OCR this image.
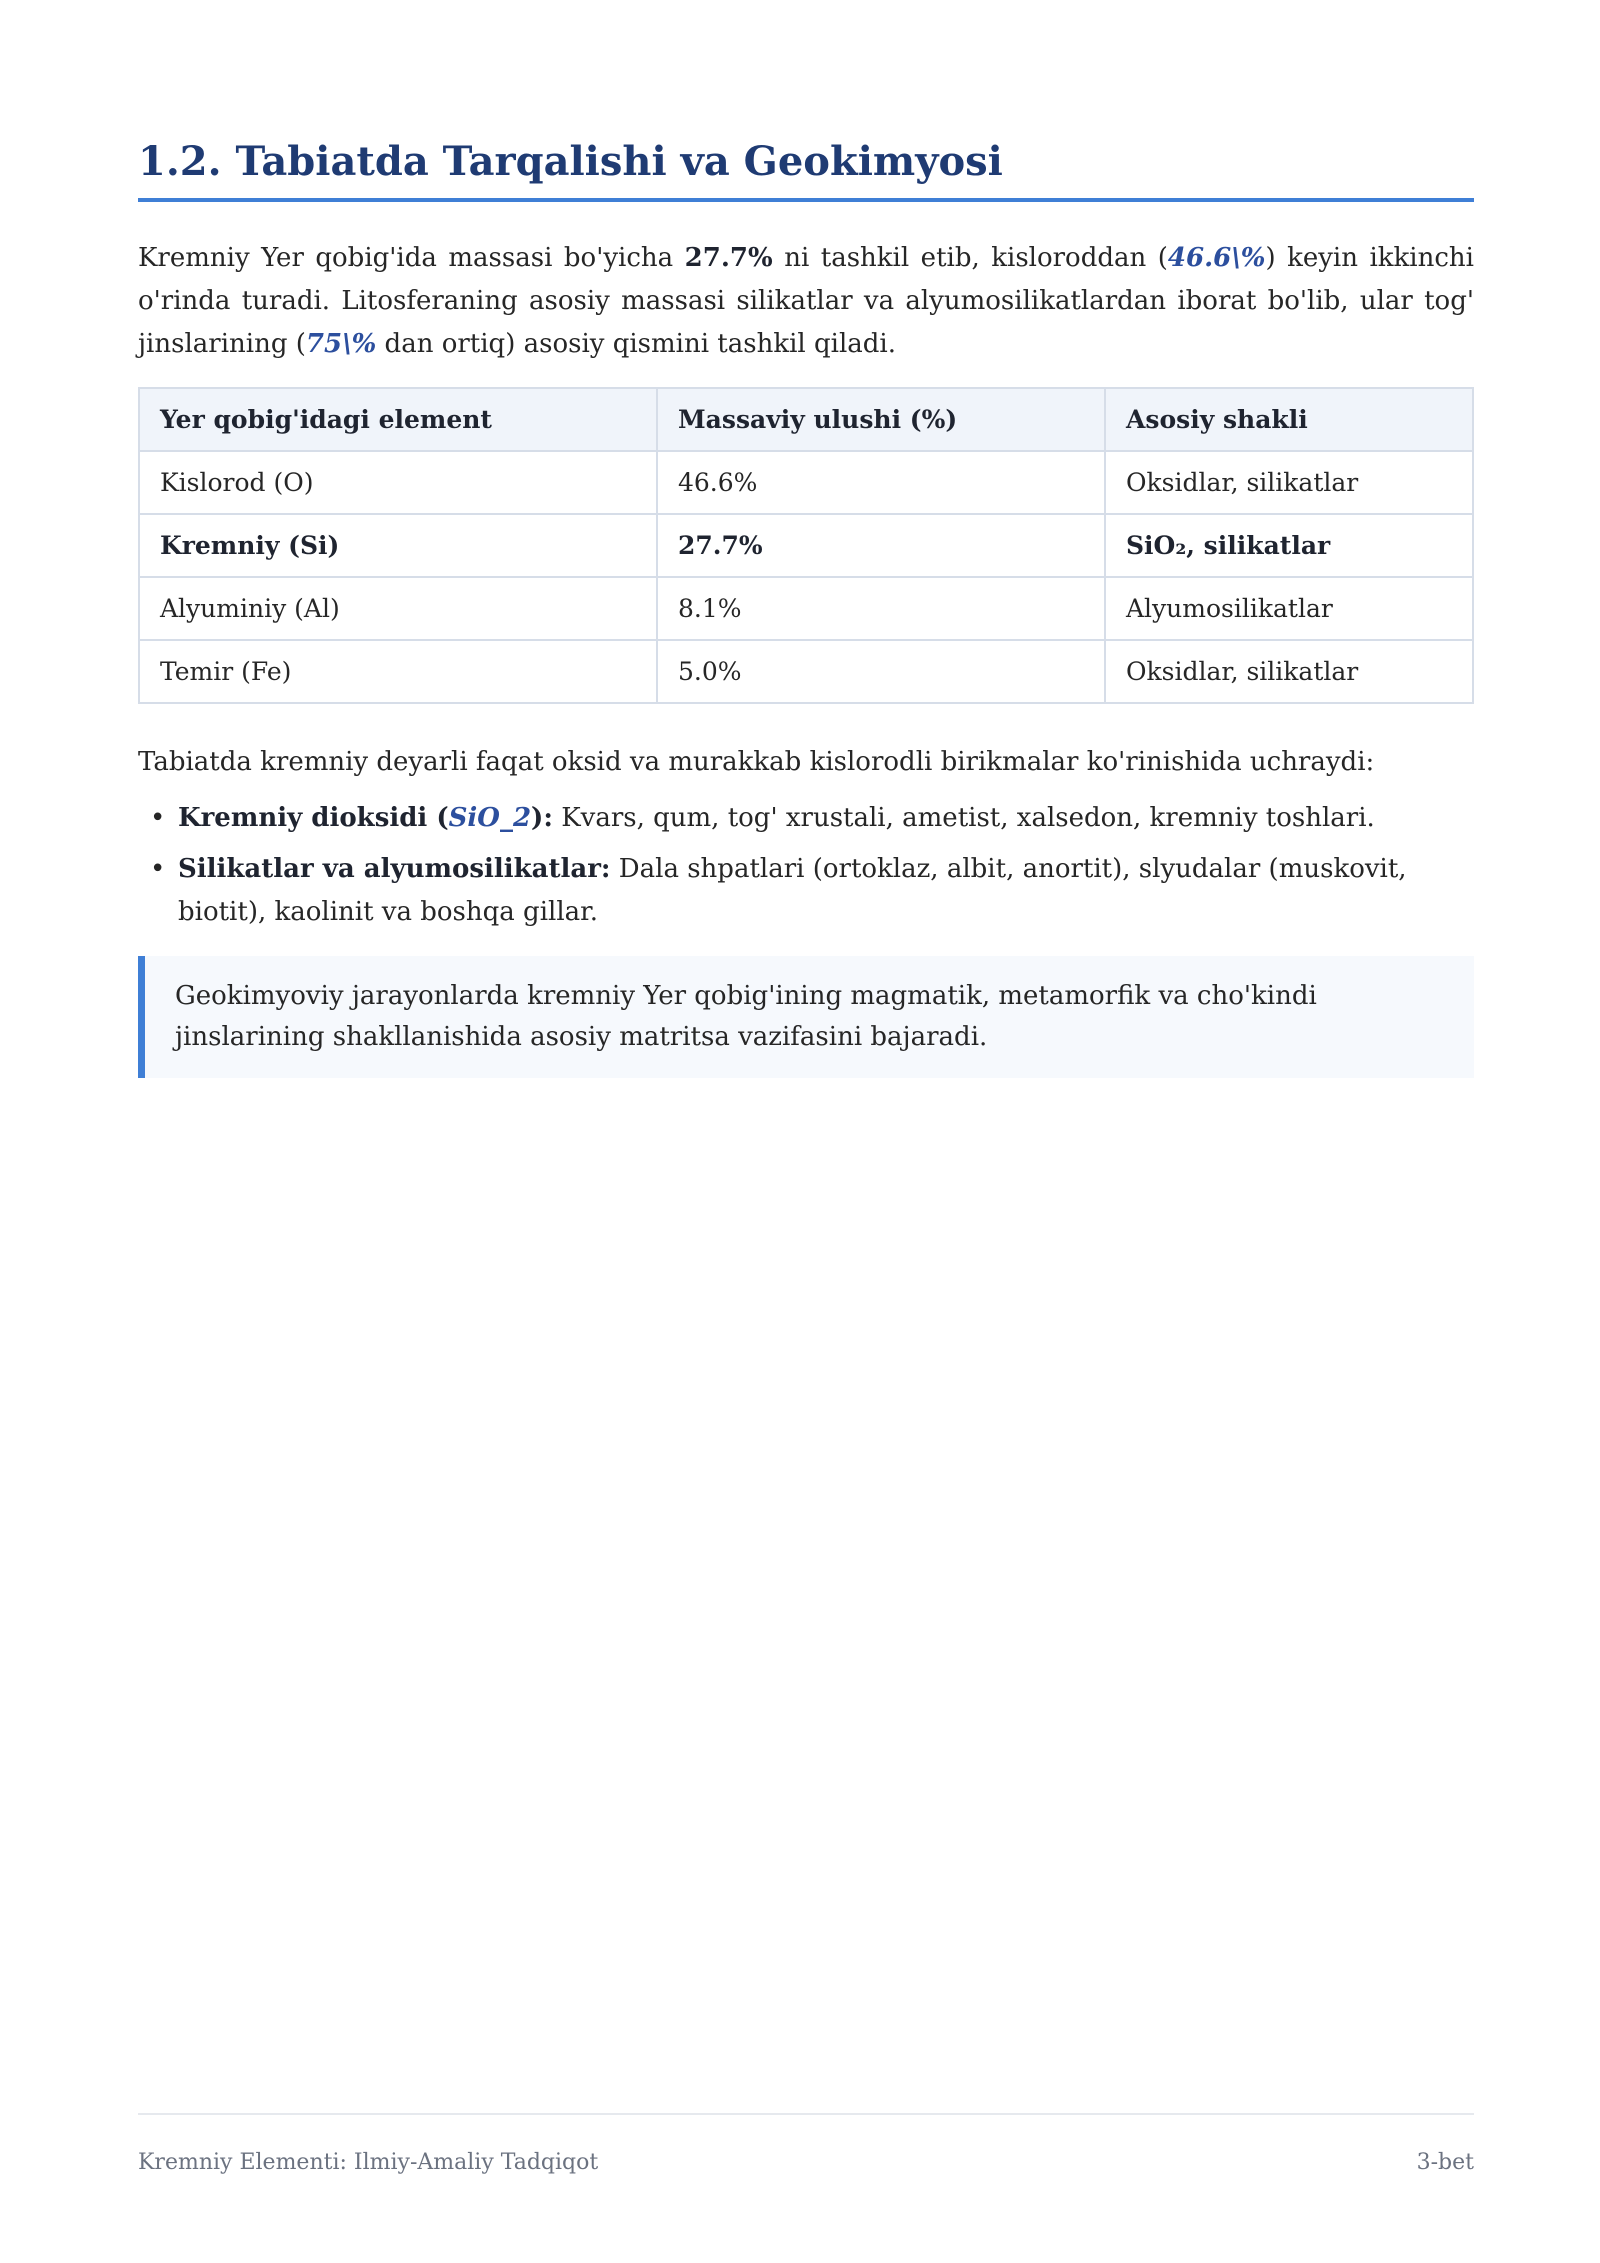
1.2. Tabiatda Tarqalishi va Geokimyosi

Kremniy Yer qobig'ida massasi bo'yicha 27.7% ni tashkil etib, kisloroddan (46.6\%) keyin ikkinchi o'rinda turadi. Litosferaning asosiy massasi silikatlar va alyumosilikatlardan iborat bo'lib, ular tog' jinslarining (75\% dan ortiq) asosiy qismini tashkil qiladi.

Yer qobig'idagi element	Massaviy ulushi (%)	Asosiy shakli
Kislorod (O)	46.6%	Oksidlar, silikatlar
Kremniy (Si)	27.7%	SiO₂, silikatlar
Alyuminiy (Al)	8.1%	Alyumosilikatlar
Temir (Fe)	5.0%	Oksidlar, silikatlar

Tabiatda kremniy deyarli faqat oksid va murakkab kislorodli birikmalar ko'rinishida uchraydi:

• Kremniy dioksidi (SiO_2): Kvars, qum, tog' xrustali, ametist, xalsedon, kremniy toshlari.
• Silikatlar va alyumosilikatlar: Dala shpatlari (ortoklaz, albit, anortit), slyudalar (muskovit, biotit), kaolinit va boshqa gillar.
Geokimyoviy jarayonlarda kremniy Yer qobig'ining magmatik, metamorfik va cho'kindi jinslarining shakllanishida asosiy matritsa vazifasini bajaradi.
Kremniy Elementi: Ilmiy-Amaliy Tadqiqot	3-bet
